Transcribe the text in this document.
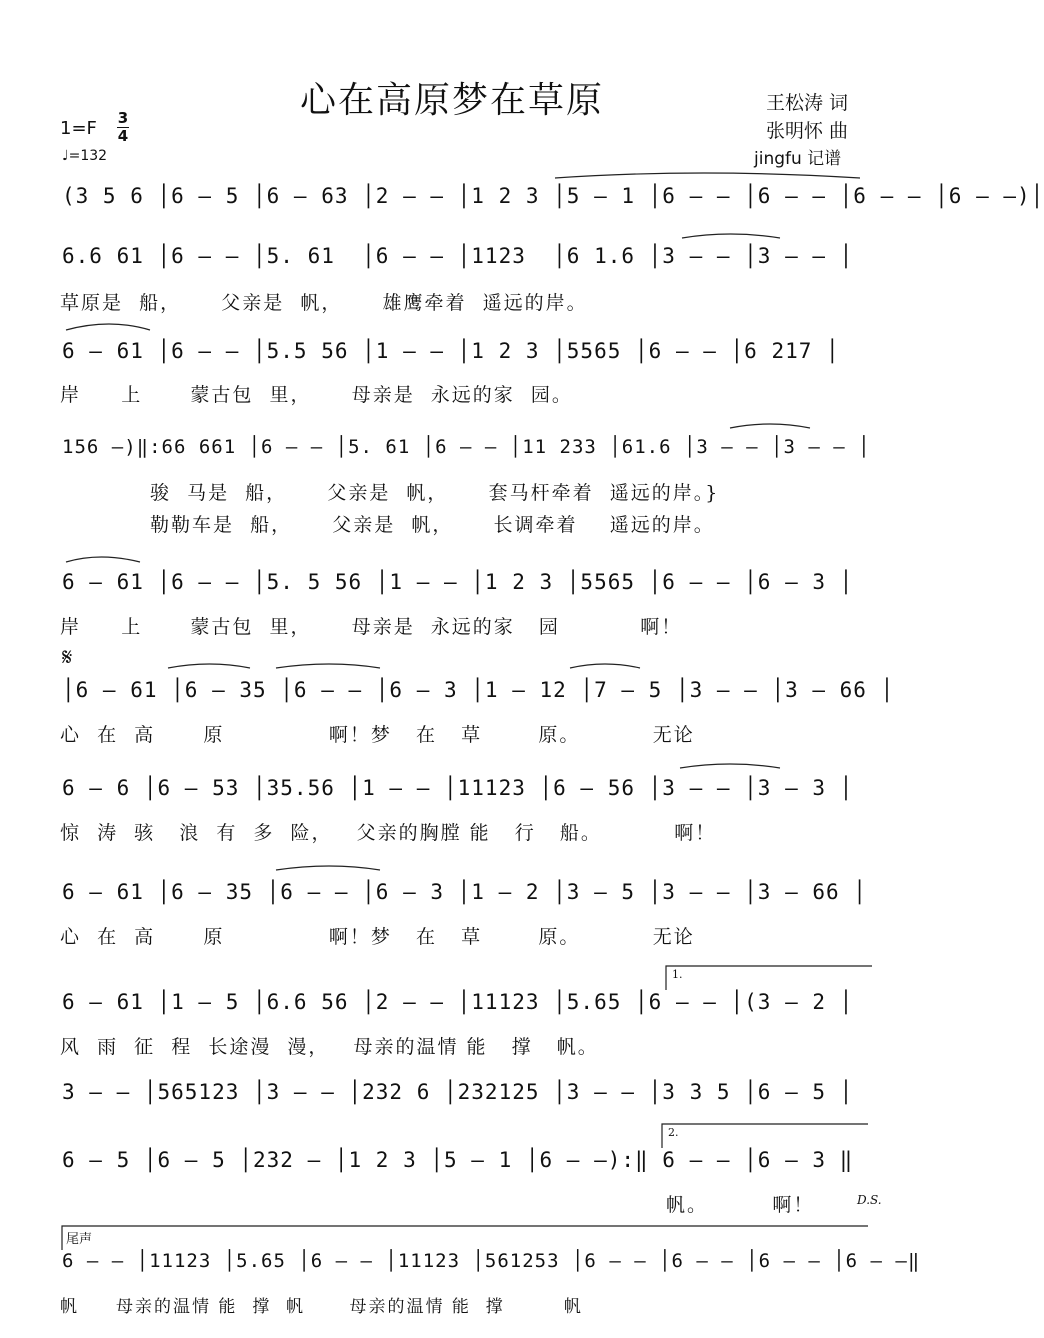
心在高原梦在草原	王松涛 词
张明怀 曲
jingfu 记谱
1=F 3
4
♩=132
(3 5 6 │6 – 5 │6 – 63 │2 – – │1 2 3 │5 – 1 │6 – – │6 – – │6 – – │6 – –)│
6.6 61 │6 – – │5. 61  │6 – – │1123  │6 1.6 │3 – – │3 – – │
草原是  船，     父亲是  帆，     雄鹰牵着  遥远的岸。
6 – 61 │6 – – │5.5 56 │1 – – │1 2 3 │5565 │6 – – │6 217 │
岸     上      蒙古包  里，     母亲是  永远的家  园。
156 –)‖:66 661 │6 – – │5. 61 │6 – – │11 233 │61.6 │3 – – │3 – – │
骏  马是  船，     父亲是  帆，     套马杆牵着  遥远的岸。}
勒勒车是  船，     父亲是  帆，     长调牵着    遥远的岸。
6 – 61 │6 – – │5. 5 56 │1 – – │1 2 3 │5565 │6 – – │6 – 3 │
岸     上      蒙古包  里，     母亲是  永远的家   园          啊！
𝄋
│6 – 61 │6 – 35 │6 – – │6 – 3 │1 – 12 │7 – 5 │3 – – │3 – 66 │
心  在  高      原             啊！梦   在   草       原。         无论
6 – 6 │6 – 53 │35.56 │1 – – │11123 │6 – 56 │3 – – │3 – 3 │
惊  涛  骇   浪  有  多  险，   父亲的胸膛 能   行   船。         啊！
6 – 61 │6 – 35 │6 – – │6 – 3 │1 – 2 │3 – 5 │3 – – │3 – 66 │
心  在  高      原             啊！梦   在   草       原。         无论
1.
6 – 61 │1 – 5 │6.6 56 │2 – – │11123 │5.65 │6 – – │(3 – 2 │
风  雨  征  程  长途漫  漫，   母亲的温情 能   撑   帆。
3 – – │565123 │3 – – │232 6 │232125 │3 – – │3 3 5 │6 – 5 │
2.
6 – 5 │6 – 5 │232 – │1 2 3 │5 – 1 │6 – –):‖ 6 – – │6 – 3 ‖
帆。        啊！	D.S.
尾声
6 – – │11123 │5.65 │6 – – │11123 │561253 │6 – – │6 – – │6 – – │6 – –‖
帆     母亲的温情 能  撑  帆      母亲的温情 能  撑        帆
